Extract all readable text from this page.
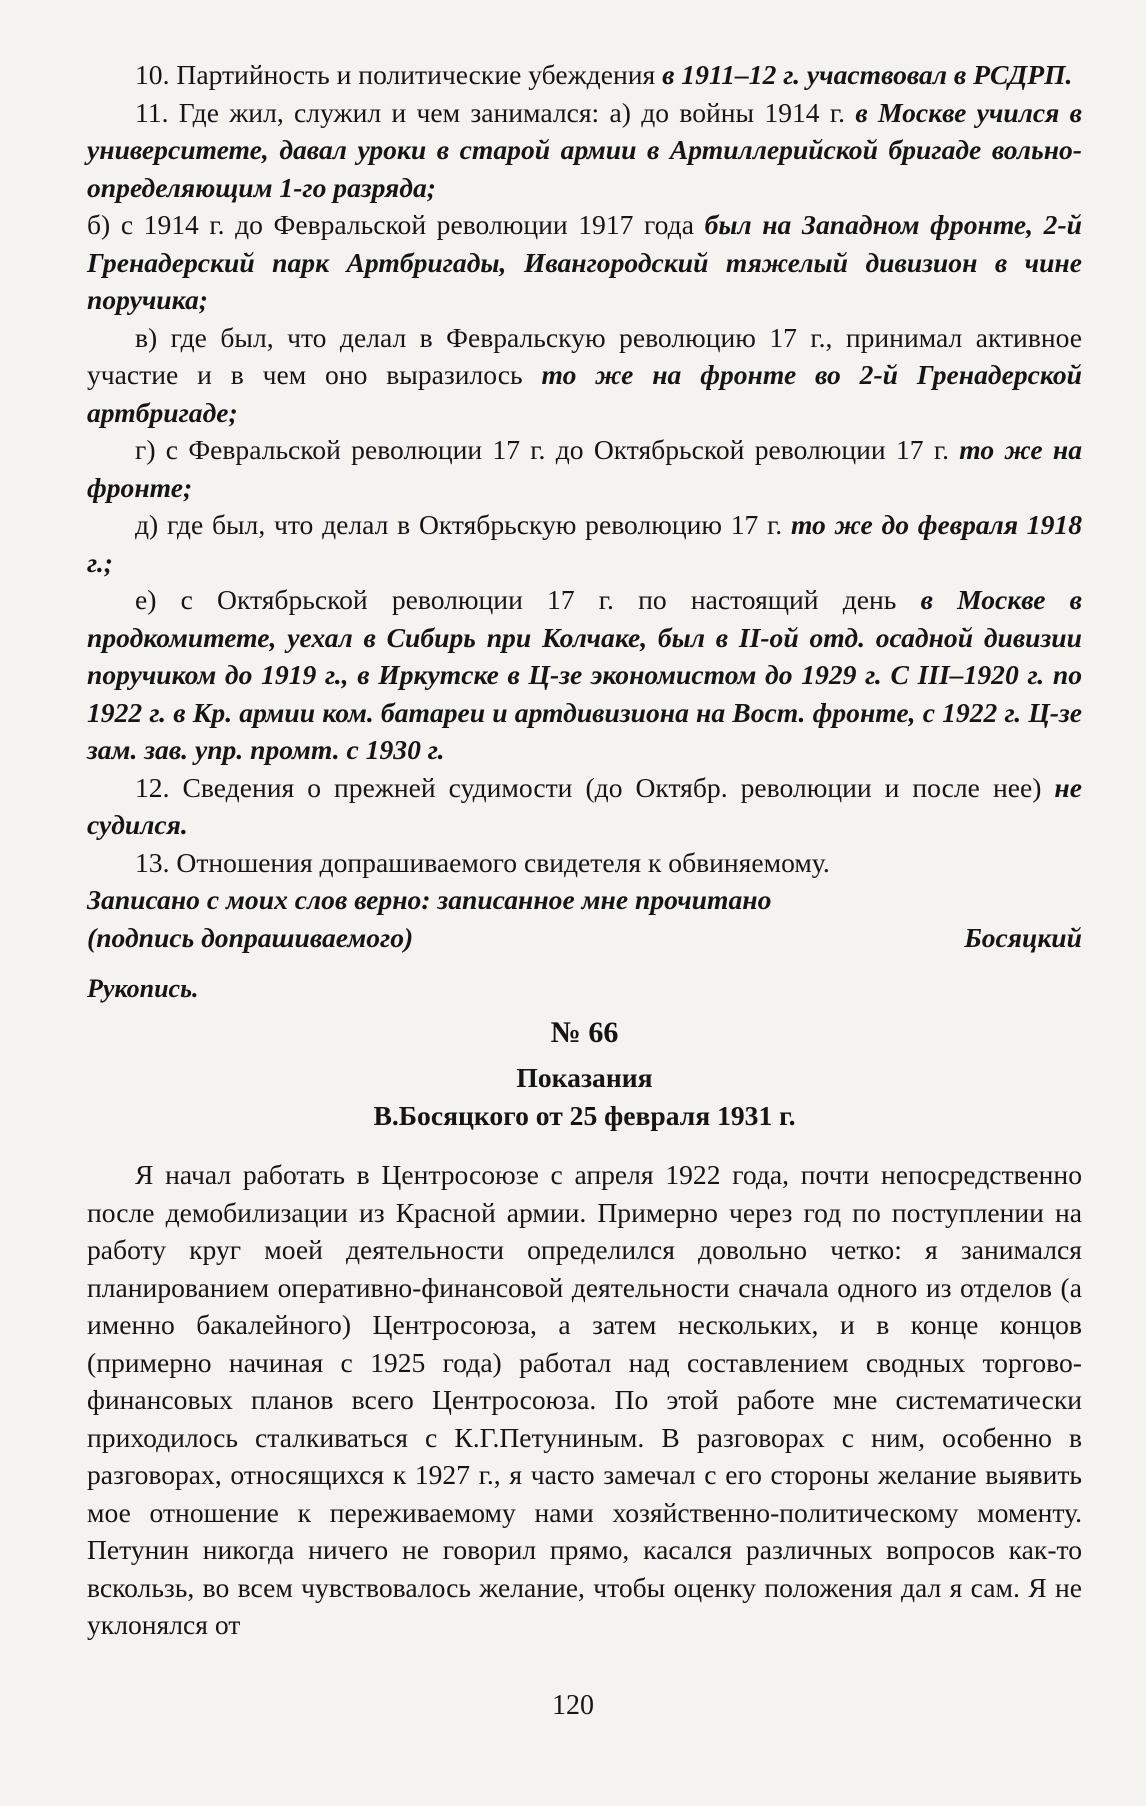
10. Партийность и политические убеждения в 1911–12 г. участвовал в РСДРП.

11. Где жил, служил и чем занимался: а) до войны 1914 г. в Москве учился в университете, давал уроки в старой армии в Артиллерийской бригаде вольно-определяющим 1-го разряда;

б) с 1914 г. до Февральской революции 1917 года был на Западном фронте, 2-й Гренадерский парк Артбригады, Ивангородский тяжелый дивизион в чине поручика;

в) где был, что делал в Февральскую революцию 17 г., принимал активное участие и в чем оно выразилось то же на фронте во 2-й Гренадерской артбригаде;

г) с Февральской революции 17 г. до Октябрьской революции 17 г. то же на фронте;

д) где был, что делал в Октябрьскую революцию 17 г. то же до февраля 1918 г.;

е) с Октябрьской революции 17 г. по настоящий день в Москве в продкомитете, уехал в Сибирь при Колчаке, был в II-ой отд. осадной дивизии поручиком до 1919 г., в Иркутске в Ц-зе экономистом до 1929 г. С III–1920 г. по 1922 г. в Кр. армии ком. батареи и артдивизиона на Вост. фронте, с 1922 г. Ц-зе зам. зав. упр. промт. с 1930 г.

12. Сведения о прежней судимости (до Октябр. революции и после нее) не судился.

13. Отношения допрашиваемого свидетеля к обвиняемому.

Записано с моих слов верно: записанное мне прочитано

(подпись допрашиваемого)	Босяцкий

Рукопись.

№ 66

Показания

В.Босяцкого от 25 февраля 1931 г.

Я начал работать в Центросоюзе с апреля 1922 года, почти непосредственно после демобилизации из Красной армии. Примерно через год по поступлении на работу круг моей деятельности определился довольно четко: я занимался планированием оперативно-финансовой деятельности сначала одного из отделов (а именно бакалейного) Центросоюза, а затем нескольких, и в конце концов (примерно начиная с 1925 года) работал над составлением сводных торгово-финансовых планов всего Центросоюза. По этой работе мне систематически приходилось сталкиваться с К.Г.Петуниным. В разговорах с ним, особенно в разговорах, относящихся к 1927 г., я часто замечал с его стороны желание выявить мое отношение к переживаемому нами хозяйственно-политическому моменту. Петунин никогда ничего не говорил прямо, касался различных вопросов как-то вскользь, во всем чувствовалось желание, чтобы оценку положения дал я сам. Я не уклонялся от

120
